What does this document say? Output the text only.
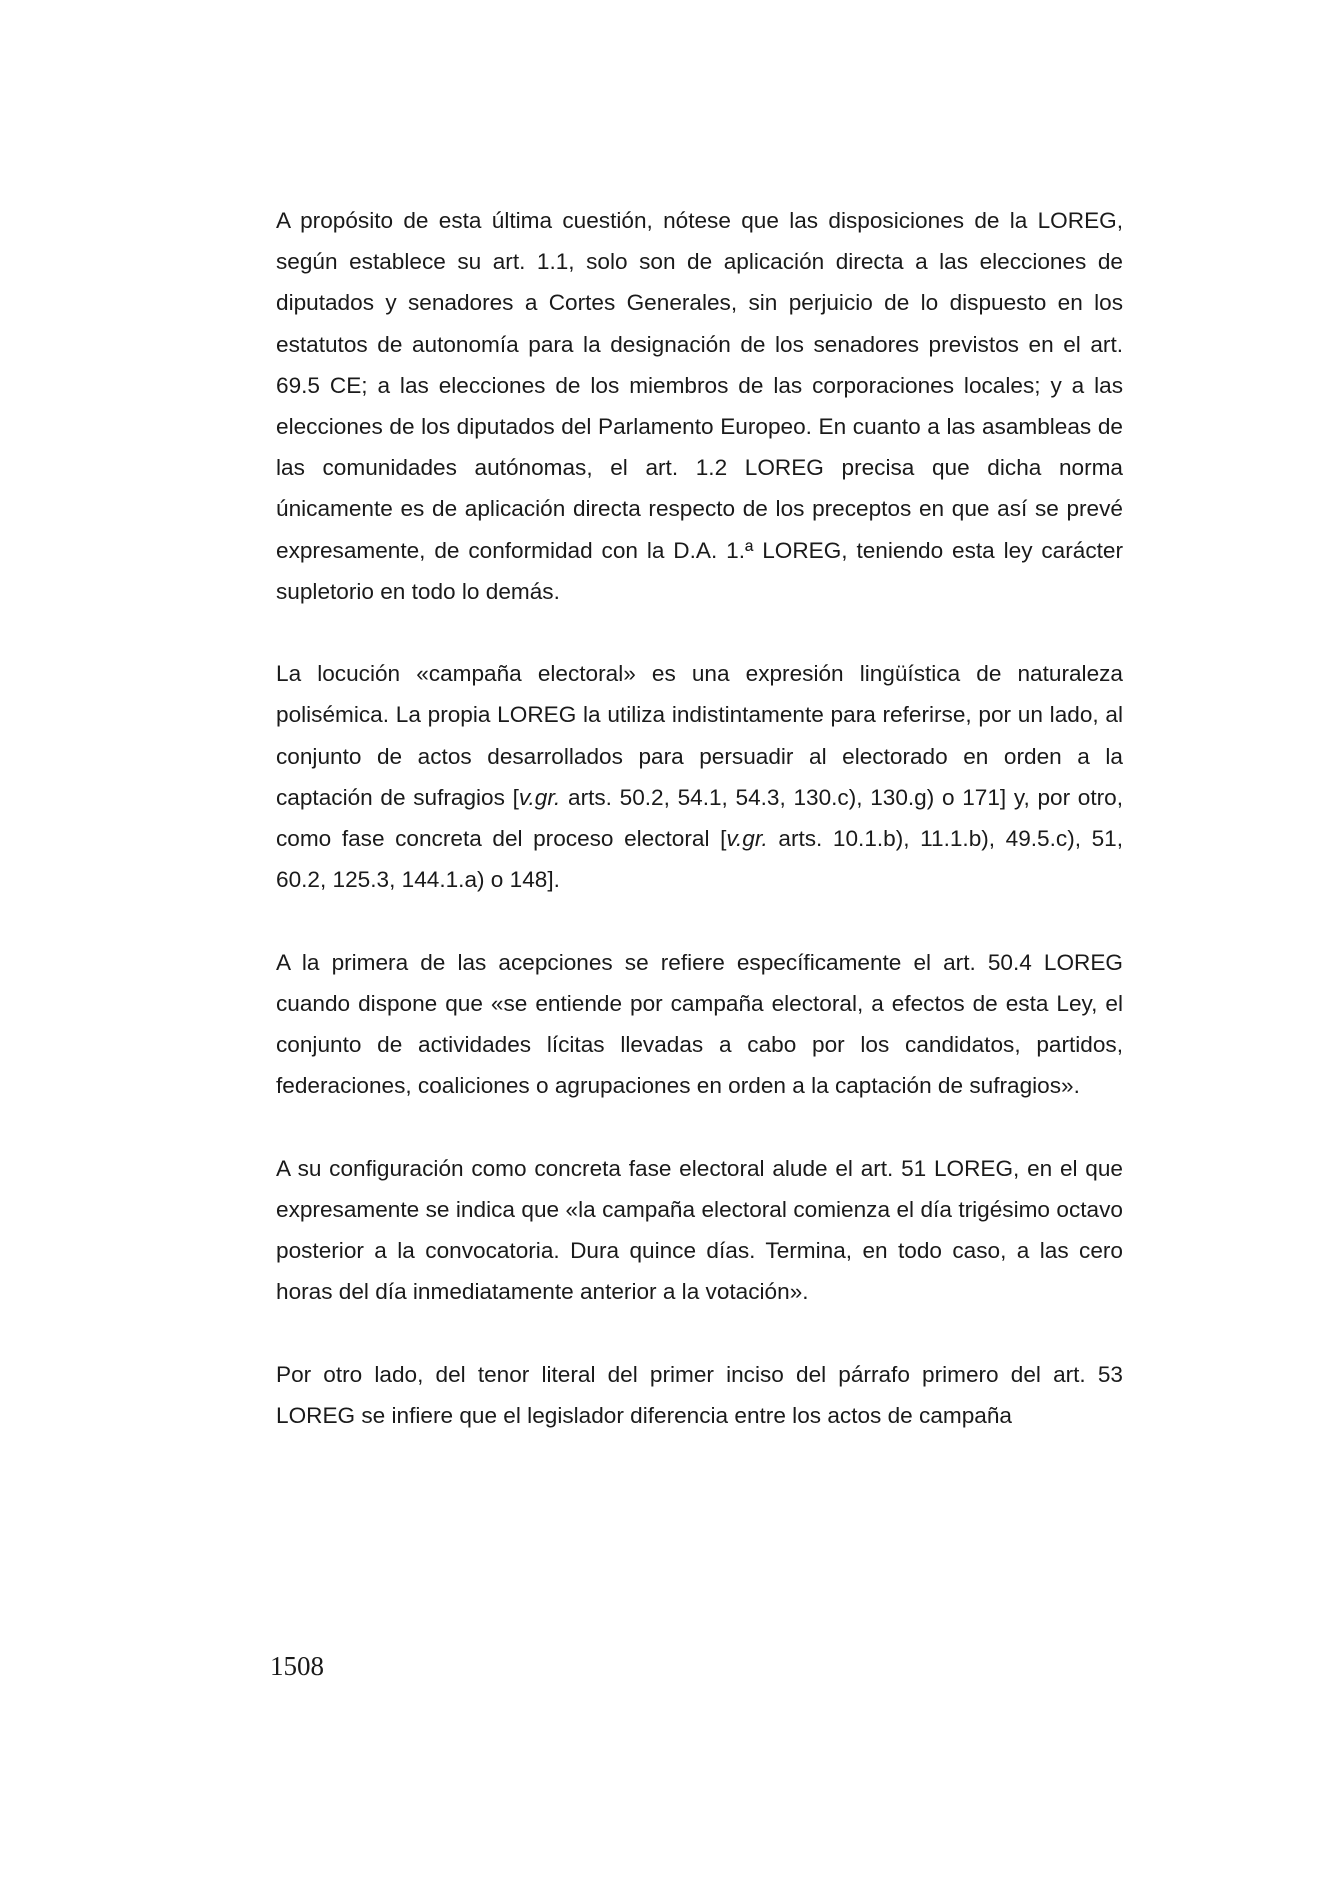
A propósito de esta última cuestión, nótese que las disposiciones de la LOREG, según establece su art. 1.1, solo son de aplicación directa a las elecciones de diputados y senadores a Cortes Generales, sin perjuicio de lo dispuesto en los estatutos de autonomía para la designación de los senadores previstos en el art. 69.5 CE; a las elecciones de los miembros de las corporaciones locales; y a las elecciones de los diputados del Parlamento Europeo. En cuanto a las asambleas de las comunidades autónomas, el art. 1.2 LOREG precisa que dicha norma únicamente es de aplicación directa respecto de los preceptos en que así se prevé expresamente, de conformidad con la D.A. 1.ª LOREG, teniendo esta ley carácter supletorio en todo lo demás.

La locución «campaña electoral» es una expresión lingüística de naturaleza polisémica. La propia LOREG la utiliza indistintamente para referirse, por un lado, al conjunto de actos desarrollados para persuadir al electorado en orden a la captación de sufragios [v.gr. arts. 50.2, 54.1, 54.3, 130.c), 130.g) o 171] y, por otro, como fase concreta del proceso electoral [v.gr. arts. 10.1.b), 11.1.b), 49.5.c), 51, 60.2, 125.3, 144.1.a) o 148].

A la primera de las acepciones se refiere específicamente el art. 50.4 LOREG cuando dispone que «se entiende por campaña electoral, a efectos de esta Ley, el conjunto de actividades lícitas llevadas a cabo por los candidatos, partidos, federaciones, coaliciones o agrupaciones en orden a la captación de sufragios».

A su configuración como concreta fase electoral alude el art. 51 LOREG, en el que expresamente se indica que «la campaña electoral comienza el día trigésimo octavo posterior a la convocatoria. Dura quince días. Termina, en todo caso, a las cero horas del día inmediatamente anterior a la votación».

Por otro lado, del tenor literal del primer inciso del párrafo primero del art. 53 LOREG se infiere que el legislador diferencia entre los actos de campaña

1508
